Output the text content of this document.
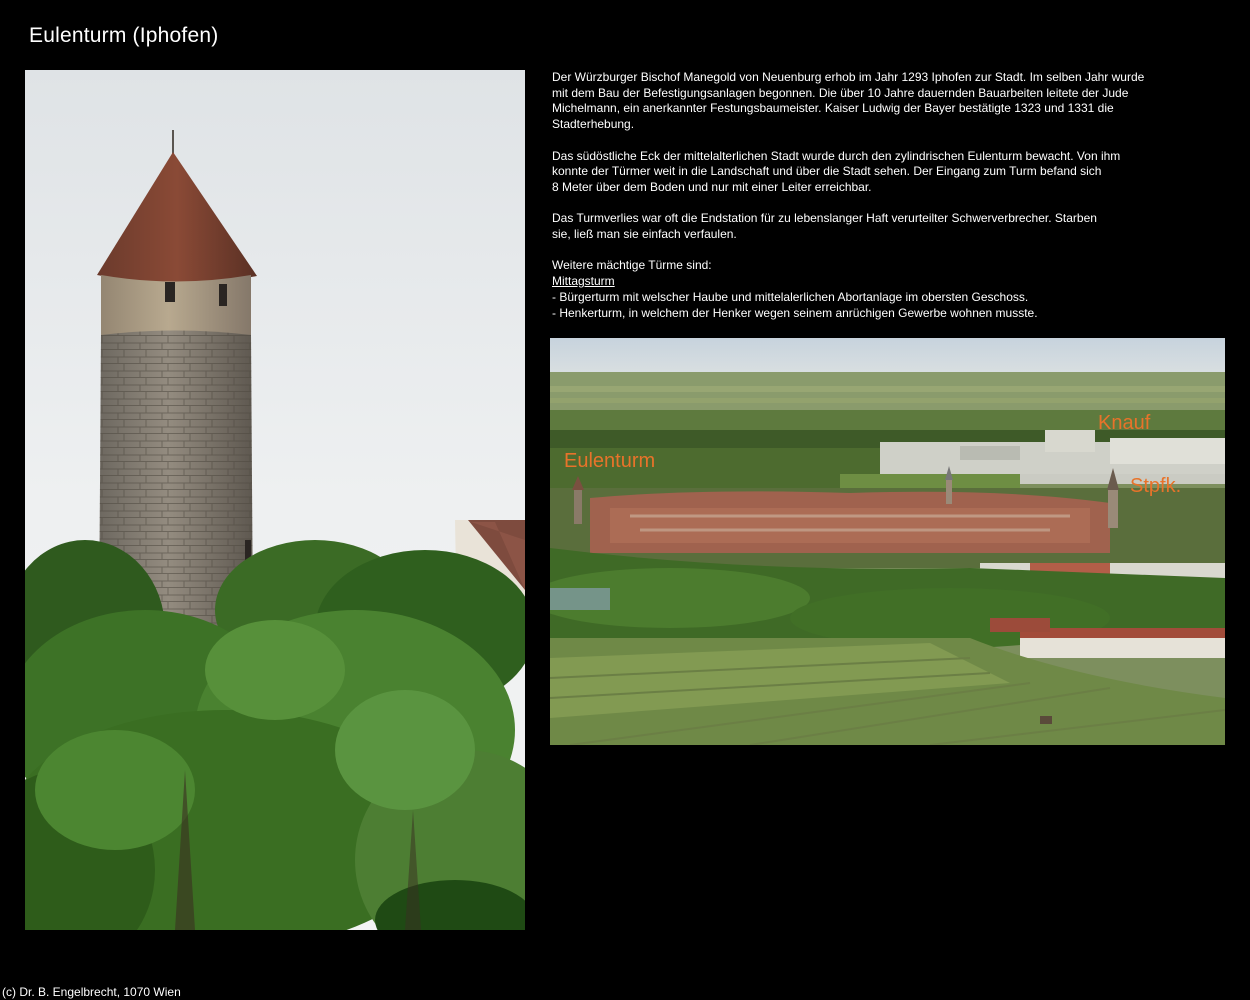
Eulenturm (Iphofen)

Der Würzburger Bischof Manegold von Neuenburg erhob im Jahr 1293 Iphofen zur Stadt. Im selben Jahr wurde
mit dem Bau der Befestigungsanlagen begonnen. Die über 10 Jahre dauernden Bauarbeiten leitete der Jude
Michelmann, ein anerkannter Festungsbaumeister. Kaiser Ludwig der Bayer bestätigte 1323 und 1331 die
Stadterhebung.

Das südöstliche Eck der mittelalterlichen Stadt wurde durch den zylindrischen Eulenturm bewacht. Von ihm
konnte der Türmer weit in die Landschaft und über die Stadt sehen. Der Eingang zum Turm befand sich
8 Meter über dem Boden und nur mit einer Leiter erreichbar.

Das Turmverlies war oft die Endstation für zu lebenslanger Haft verurteilter Schwerverbrecher. Starben
sie, ließ man sie einfach verfaulen.

Weitere mächtige Türme sind:
Mittagsturm
- Bürgerturm mit welscher Haube und mittelalerlichen Abortanlage im obersten Geschoss.
- Henkerturm, in welchem der Henker wegen seinem anrüchigen Gewerbe wohnen musste.

Eulenturm
Knauf
Stpfk.
(c) Dr. B. Engelbrecht, 1070 Wien
